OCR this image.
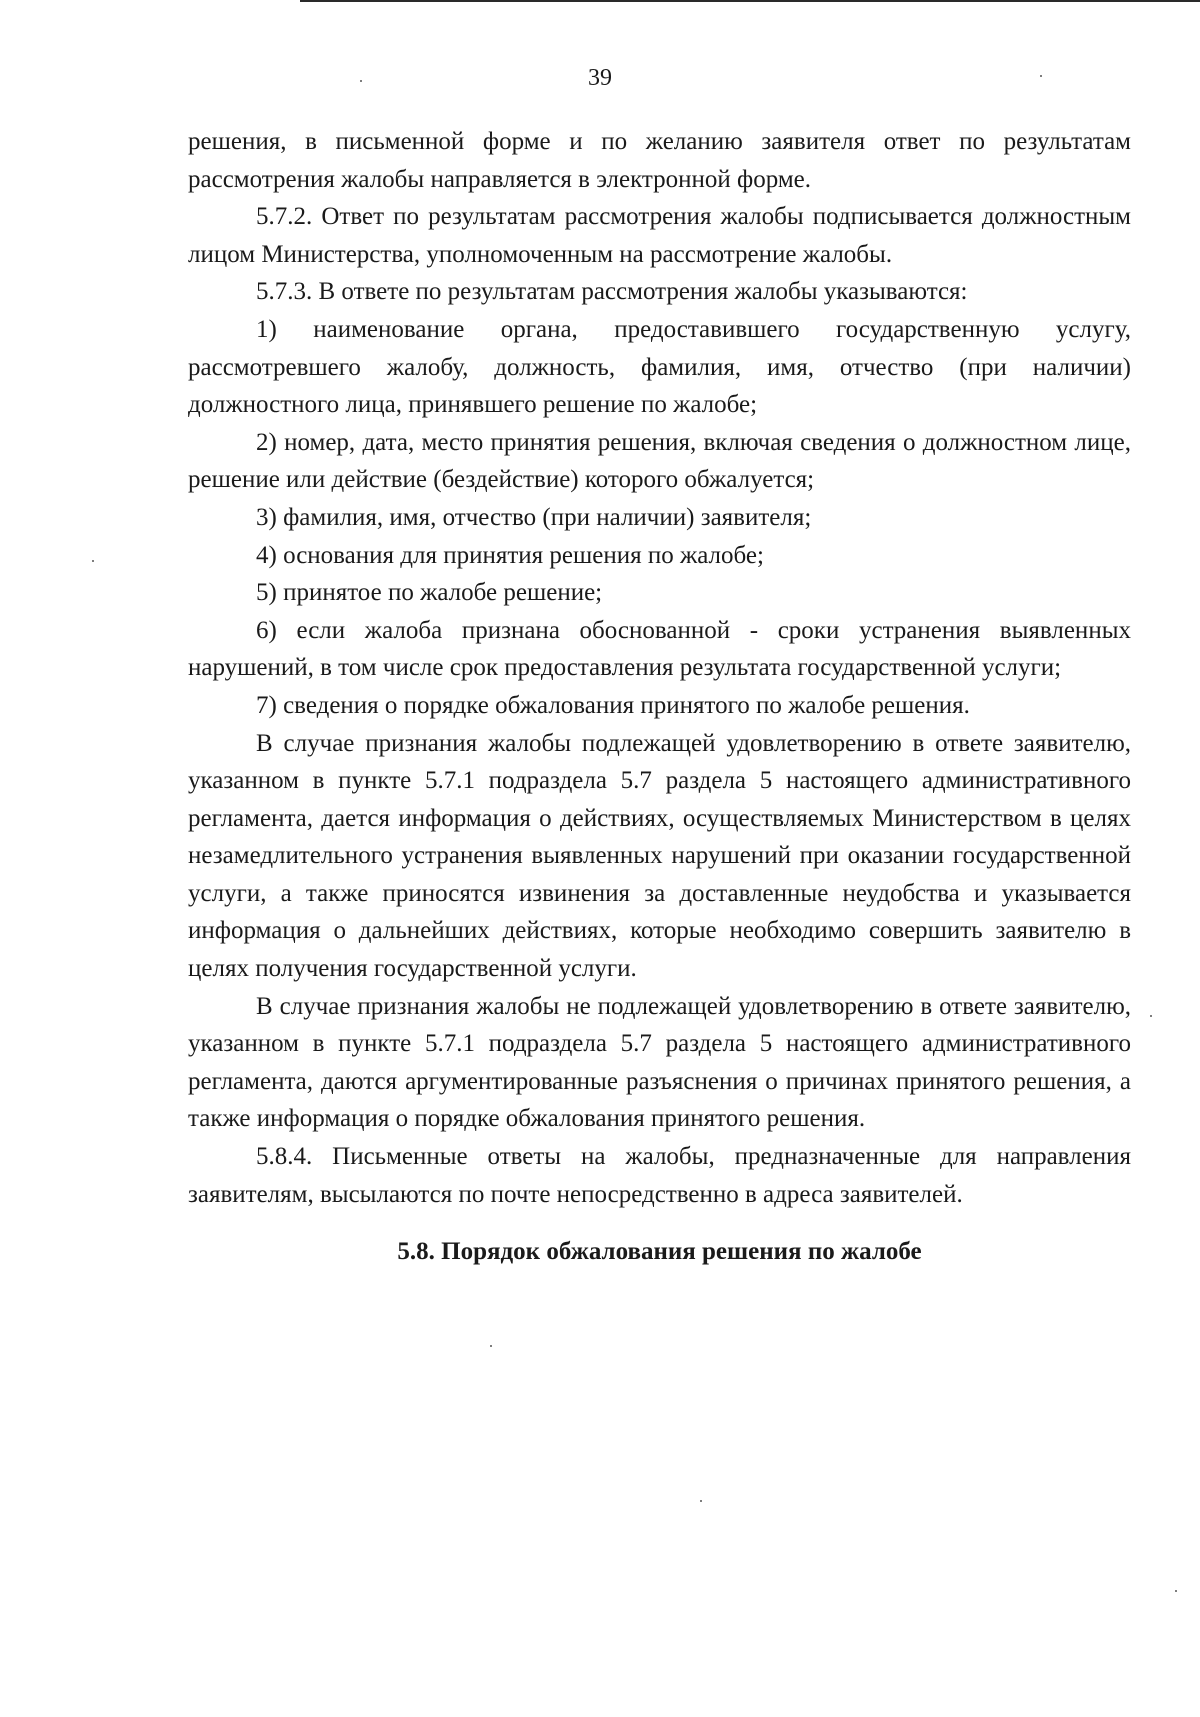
39

решения, в письменной форме и по желанию заявителя ответ по результатам рассмотрения жалобы направляется в электронной форме.

5.7.2. Ответ по результатам рассмотрения жалобы подписывается должностным лицом Министерства, уполномоченным на рассмотрение жалобы.

5.7.3. В ответе по результатам рассмотрения жалобы указываются:

1) наименование органа, предоставившего государственную услугу, рассмотревшего жалобу, должность, фамилия, имя, отчество (при наличии) должностного лица, принявшего решение по жалобе;

2) номер, дата, место принятия решения, включая сведения о должностном лице, решение или действие (бездействие) которого обжалуется;

3) фамилия, имя, отчество (при наличии) заявителя;

4) основания для принятия решения по жалобе;

5) принятое по жалобе решение;

6) если жалоба признана обоснованной - сроки устранения выявленных нарушений, в том числе срок предоставления результата государственной услуги;

7) сведения о порядке обжалования принятого по жалобе решения.

В случае признания жалобы подлежащей удовлетворению в ответе заявителю, указанном в пункте 5.7.1 подраздела 5.7 раздела 5 настоящего административного регламента, дается информация о действиях, осуществляемых Министерством в целях незамедлительного устранения выявленных нарушений при оказании государственной услуги, а также приносятся извинения за доставленные неудобства и указывается информация о дальнейших действиях, которые необходимо совершить заявителю в целях получения государственной услуги.

В случае признания жалобы не подлежащей удовлетворению в ответе заявителю, указанном в пункте 5.7.1 подраздела 5.7 раздела 5 настоящего административного регламента, даются аргументированные разъяснения о причинах принятого решения, а также информация о порядке обжалования принятого решения.

5.8.4. Письменные ответы на жалобы, предназначенные для направления заявителям, высылаются по почте непосредственно в адреса заявителей.

5.8. Порядок обжалования решения по жалобе
